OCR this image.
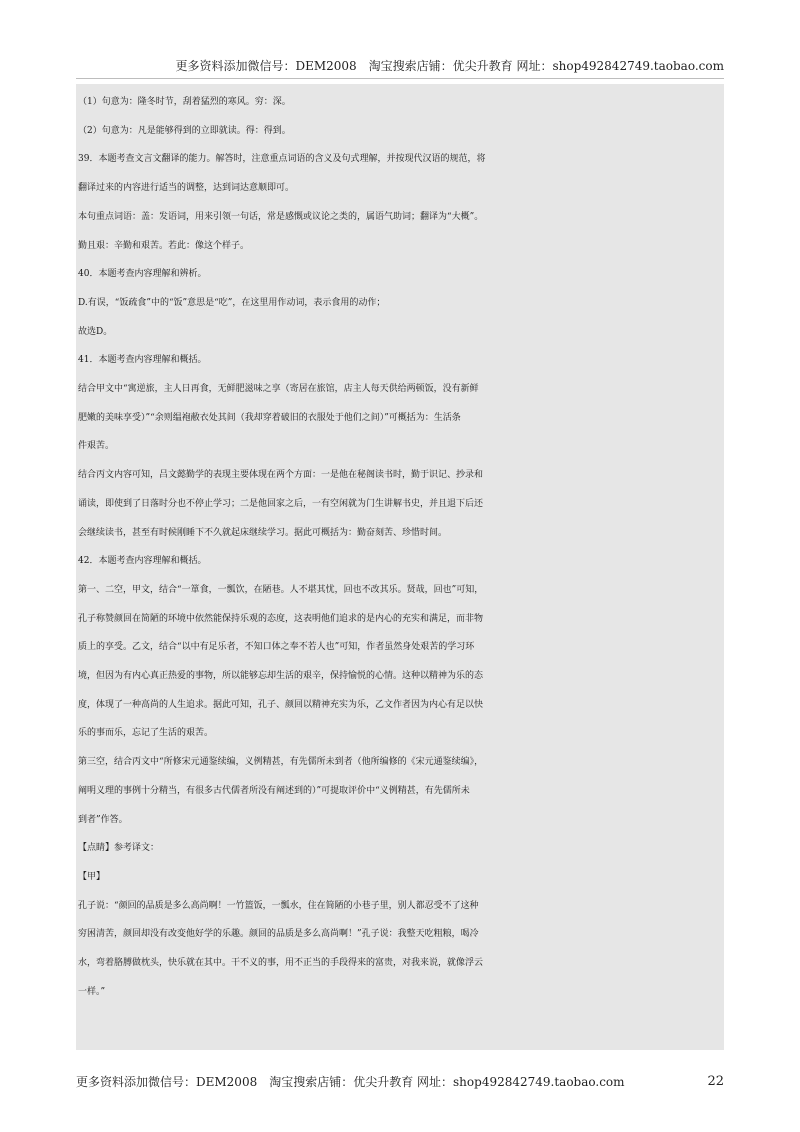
更多资料添加微信号：DEM2008　淘宝搜索店铺：优尖升教育 网址：shop492842749.taobao.com
（1）句意为：隆冬时节，刮着猛烈的寒风。穷：深。
（2）句意为：凡是能够得到的立即就读。得：得到。
39．本题考查文言文翻译的能力。解答时，注意重点词语的含义及句式理解，并按现代汉语的规范，将
翻译过来的内容进行适当的调整，达到词达意顺即可。
本句重点词语：盖：发语词，用来引领一句话，常是感慨或议论之类的，属语气助词；翻译为“大概”。
勤且艰：辛勤和艰苦。若此：像这个样子。
40．本题考查内容理解和辨析。
D.有误，“饭疏食”中的“饭”意思是“吃”，在这里用作动词，表示食用的动作；
故选D。
41．本题考查内容理解和概括。
结合甲文中“寓逆旅，主人日再食，无鲜肥滋味之享（寄居在旅馆，店主人每天供给两顿饭，没有新鲜
肥嫩的美味享受）”“余则缊袍敝衣处其间（我却穿着破旧的衣服处于他们之间）”可概括为：生活条
件艰苦。
结合丙文内容可知，吕文懿勤学的表现主要体现在两个方面：一是他在秘阁读书时，勤于识记、抄录和
诵读，即使到了日落时分也不停止学习；二是他回家之后，一有空闲就为门生讲解书史，并且退下后还
会继续读书，甚至有时候刚睡下不久就起床继续学习。据此可概括为：勤奋刻苦、珍惜时间。
42．本题考查内容理解和概括。
第一、二空，甲文，结合“一箪食，一瓢饮，在陋巷。人不堪其忧，回也不改其乐。贤哉，回也”可知，
孔子称赞颜回在简陋的环境中依然能保持乐观的态度，这表明他们追求的是内心的充实和满足，而非物
质上的享受。乙文，结合“以中有足乐者，不知口体之奉不若人也”可知，作者虽然身处艰苦的学习环
境，但因为有内心真正热爱的事物，所以能够忘却生活的艰辛，保持愉悦的心情。这种以精神为乐的态
度，体现了一种高尚的人生追求。据此可知，孔子、颜回以精神充实为乐，乙文作者因为内心有足以快
乐的事而乐，忘记了生活的艰苦。
第三空，结合丙文中“所修宋元通鉴续编，义例精甚，有先儒所未到者（他所编修的《宋元通鉴续编》，
阐明义理的事例十分精当，有很多古代儒者所没有阐述到的）”可提取评价中“义例精甚，有先儒所未
到者”作答。
【点睛】参考译文：
【甲】
孔子说：“颜回的品质是多么高尚啊！一竹篮饭，一瓢水，住在简陋的小巷子里，别人都忍受不了这种
穷困清苦，颜回却没有改变他好学的乐趣。颜回的品质是多么高尚啊！”孔子说：我整天吃粗粮，喝冷
水，弯着胳膊做枕头，快乐就在其中。干不义的事，用不正当的手段得来的富贵，对我来说，就像浮云
一样。”
更多资料添加微信号：DEM2008　淘宝搜索店铺：优尖升教育 网址：shop492842749.taobao.com	22
